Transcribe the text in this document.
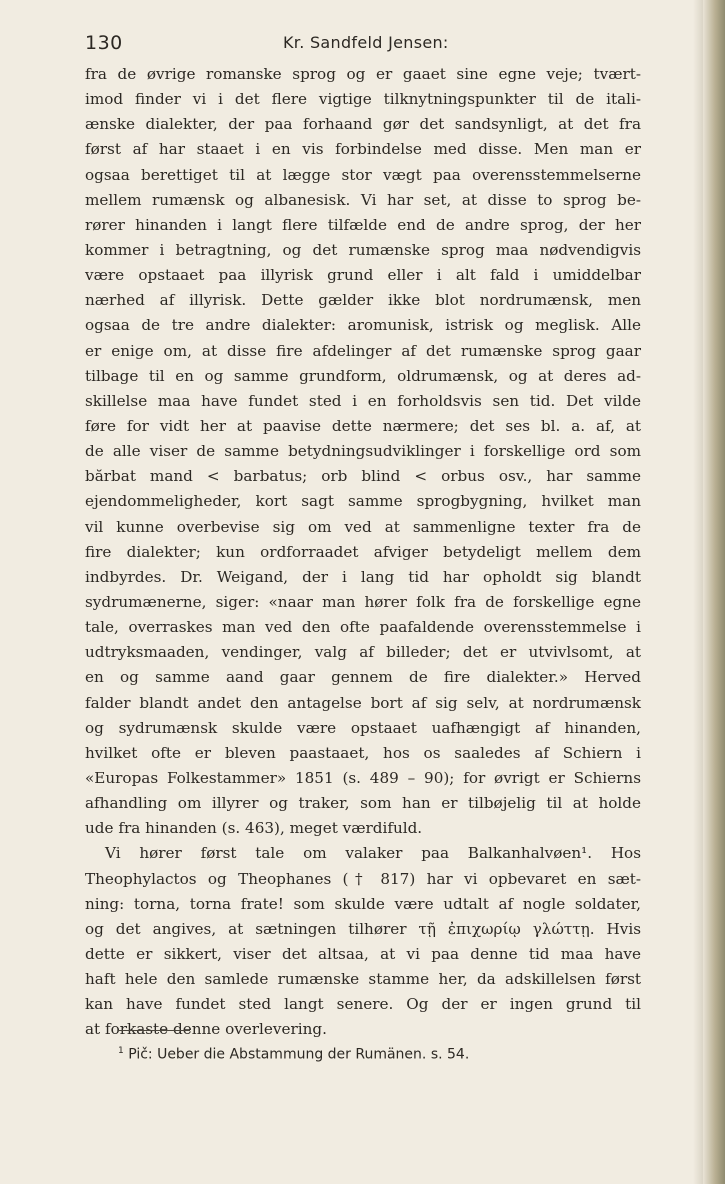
130	Kr. Sandfeld Jensen:
fra de øvrige romanske sprog og er gaaet sine egne veje; tvært-
imod finder vi i det flere vigtige tilknytningspunkter til de itali-
ænske dialekter, der paa forhaand gør det sandsynligt, at det fra
først af har staaet i en vis forbindelse med disse. Men man er
ogsaa berettiget til at lægge stor vægt paa overensstemmelserne
mellem rumænsk og albanesisk. Vi har set, at disse to sprog be-
rører hinanden i langt flere tilfælde end de andre sprog, der her
kommer i betragtning, og det rumænske sprog maa nødvendigvis
være opstaaet paa illyrisk grund eller i alt fald i umiddelbar
nærhed af illyrisk. Dette gælder ikke blot nordrumænsk, men
ogsaa de tre andre dialekter: aromunisk, istrisk og meglisk. Alle
er enige om, at disse fire afdelinger af det rumænske sprog gaar
tilbage til en og samme grundform, oldrumænsk, og at deres ad-
skillelse maa have fundet sted i en forholdsvis sen tid. Det vilde
føre for vidt her at paavise dette nærmere; det ses bl. a. af, at
de alle viser de samme betydningsudviklinger i forskellige ord som
bărbat mand < barbatus; orb blind < orbus osv., har samme
ejendommeligheder, kort sagt samme sprogbygning, hvilket man
vil kunne overbevise sig om ved at sammenligne texter fra de
fire dialekter; kun ordforraadet afviger betydeligt mellem dem
indbyrdes. Dr. Weigand, der i lang tid har opholdt sig blandt
sydrumænerne, siger: «naar man hører folk fra de forskellige egne
tale, overraskes man ved den ofte paafaldende overensstemmelse i
udtryksmaaden, vendinger, valg af billeder; det er utvivlsomt, at
en og samme aand gaar gennem de fire dialekter.» Herved
falder blandt andet den antagelse bort af sig selv, at nordrumænsk
og sydrumænsk skulde være opstaaet uafhængigt af hinanden,
hvilket ofte er bleven paastaaet, hos os saaledes af Schiern i
«Europas Folkestammer» 1851 (s. 489 – 90); for øvrigt er Schierns
afhandling om illyrer og traker, som han er tilbøjelig til at holde
ude fra hinanden (s. 463), meget værdifuld.
Vi hører først tale om valaker paa Balkanhalvøen¹. Hos
Theophylactos og Theophanes († 817) har vi opbevaret en sæt-
ning: torna, torna frate! som skulde være udtalt af nogle soldater,
og det angives, at sætningen tilhører τῇ ἐπιχωρίῳ γλώττῃ. Hvis
dette er sikkert, viser det altsaa, at vi paa denne tid maa have
haft hele den samlede rumænske stamme her, da adskillelsen først
kan have fundet sted langt senere. Og der er ingen grund til
at forkaste denne overlevering.
$^1$ Pič: Ueber die Abstammung der Rumänen. s. 54.
